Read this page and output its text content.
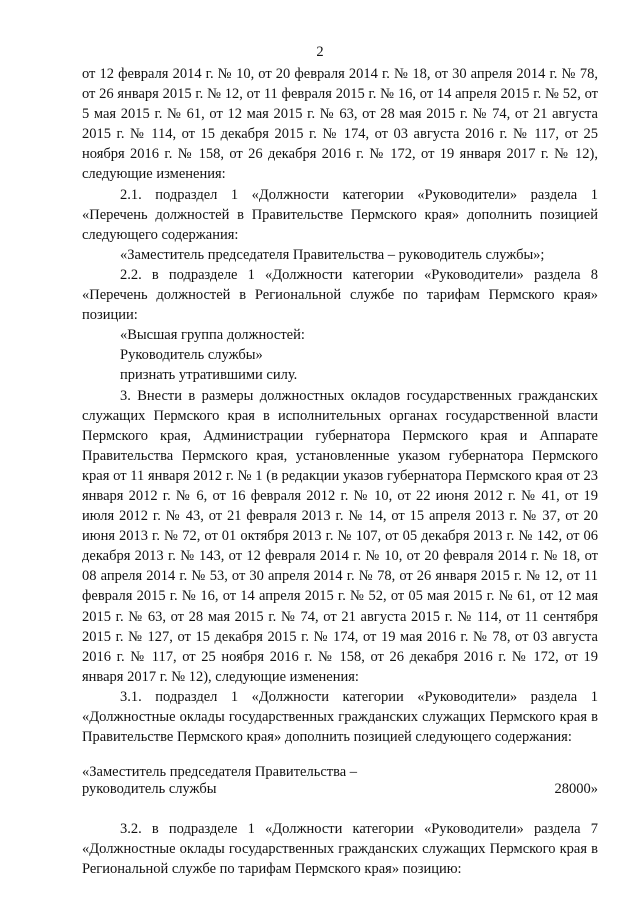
2

от 12 февраля 2014 г. № 10, от 20 февраля 2014 г. № 18, от 30 апреля 2014 г. № 78, от 26 января 2015 г. № 12, от 11 февраля 2015 г. № 16, от 14 апреля 2015 г. № 52, от 5 мая 2015 г. № 61, от 12 мая 2015 г. № 63, от 28 мая 2015 г. № 74, от 21 августа 2015 г. № 114, от 15 декабря 2015 г. № 174, от 03 августа 2016 г. № 117, от 25 ноября 2016 г. № 158, от 26 декабря 2016 г. № 172, от 19 января 2017 г. № 12), следующие изменения:

2.1. подраздел 1 «Должности категории «Руководители» раздела 1 «Перечень должностей в Правительстве Пермского края» дополнить позицией следующего содержания:

«Заместитель председателя Правительства – руководитель службы»;

2.2. в подразделе 1 «Должности категории «Руководители» раздела 8 «Перечень должностей в Региональной службе по тарифам Пермского края» позиции:

«Высшая группа должностей:

Руководитель службы»

признать утратившими силу.

3. Внести в размеры должностных окладов государственных гражданских служащих Пермского края в исполнительных органах государственной власти Пермского края, Администрации губернатора Пермского края и Аппарате Правительства Пермского края, установленные указом губернатора Пермского края от 11 января 2012 г. № 1 (в редакции указов губернатора Пермского края от 23 января 2012 г. № 6, от 16 февраля 2012 г. № 10, от 22 июня 2012 г. № 41, от 19 июля 2012 г. № 43, от 21 февраля 2013 г. № 14, от 15 апреля 2013 г. № 37, от 20 июня 2013 г. № 72, от 01 октября 2013 г. № 107, от 05 декабря 2013 г. № 142, от 06 декабря 2013 г. № 143, от 12 февраля 2014 г. № 10, от 20 февраля 2014 г. № 18, от 08 апреля 2014 г. № 53, от 30 апреля 2014 г. № 78, от 26 января 2015 г. № 12, от 11 февраля 2015 г. № 16, от 14 апреля 2015 г. № 52, от 05 мая 2015 г. № 61, от 12 мая 2015 г. № 63, от 28 мая 2015 г. № 74, от 21 августа 2015 г. № 114, от 11 сентября 2015 г. № 127, от 15 декабря 2015 г. № 174, от 19 мая 2016 г. № 78, от 03 августа 2016 г. № 117, от 25 ноября 2016 г. № 158, от 26 декабря 2016 г. № 172, от 19 января 2017 г. № 12), следующие изменения:

3.1. подраздел 1 «Должности категории «Руководители» раздела 1 «Должностные оклады государственных гражданских служащих Пермского края в Правительстве Пермского края» дополнить позицией следующего содержания:

«Заместитель председателя Правительства – руководитель службы	28000»

3.2. в подразделе 1 «Должности категории «Руководители» раздела 7 «Должностные оклады государственных гражданских служащих Пермского края в Региональной службе по тарифам Пермского края» позицию:
